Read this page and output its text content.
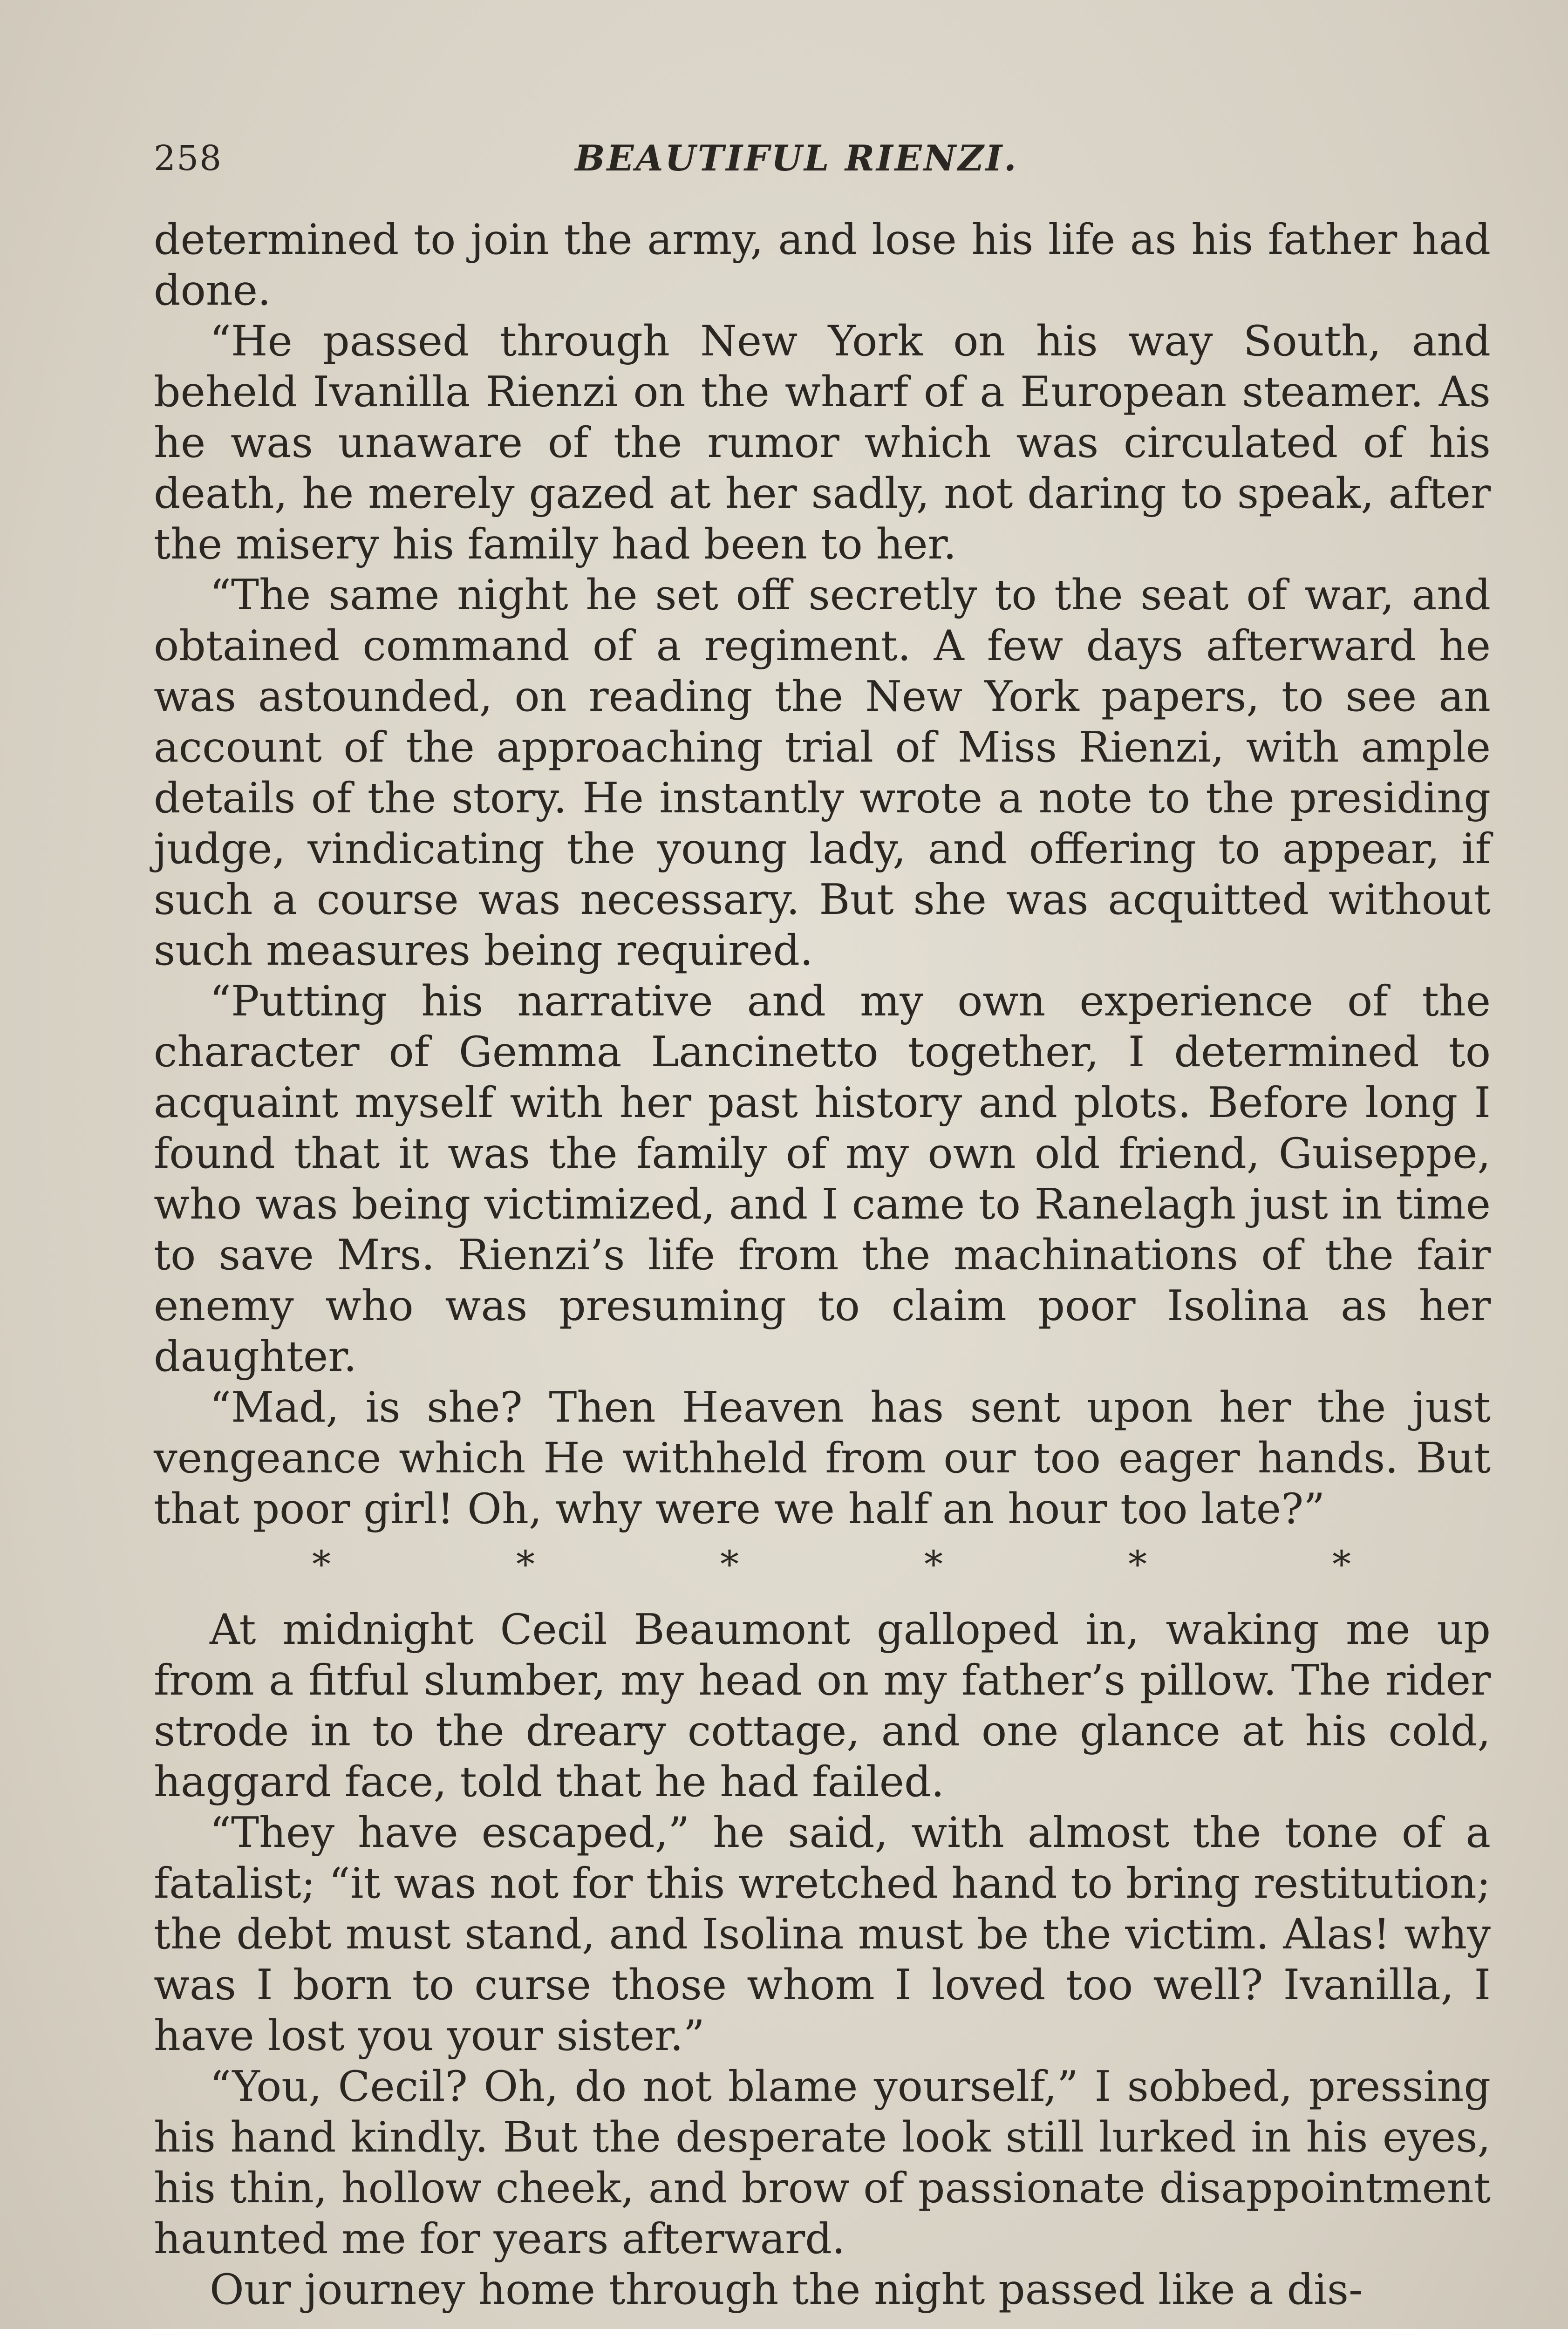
258	BEAUTIFUL RIENZI.

determined to join the army, and lose his life as his father had done.

“He passed through New York on his way South, and beheld Ivanilla Rienzi on the wharf of a European steamer. As he was unaware of the rumor which was circulated of his death, he merely gazed at her sadly, not daring to speak, after the misery his family had been to her.

“The same night he set off secretly to the seat of war, and obtained command of a regiment. A few days afterward he was astounded, on reading the New York papers, to see an account of the approaching trial of Miss Rienzi, with ample details of the story. He instantly wrote a note to the presiding judge, vindicating the young lady, and offering to appear, if such a course was necessary. But she was acquitted without such measures being required.

“Putting his narrative and my own experience of the character of Gemma Lancinetto together, I determined to acquaint myself with her past history and plots. Before long I found that it was the family of my own old friend, Guiseppe, who was being victimized, and I came to Ranelagh just in time to save Mrs. Rienzi’s life from the machinations of the fair enemy who was presuming to claim poor Isolina as her daughter.

“Mad, is she? Then Heaven has sent upon her the just vengeance which He withheld from our too eager hands. But that poor girl! Oh, why were we half an hour too late?”

*	*	*	*	*	*

At midnight Cecil Beaumont galloped in, waking me up from a fitful slumber, my head on my father’s pillow. The rider strode in to the dreary cottage, and one glance at his cold, haggard face, told that he had failed.

“They have escaped,” he said, with almost the tone of a fatalist; “it was not for this wretched hand to bring restitution; the debt must stand, and Isolina must be the victim. Alas! why was I born to curse those whom I loved too well? Ivanilla, I have lost you your sister.”

“You, Cecil? Oh, do not blame yourself,” I sobbed, pressing his hand kindly. But the desperate look still lurked in his eyes, his thin, hollow cheek, and brow of passionate disappointment haunted me for years afterward.

Our journey home through the night passed like a dis-
